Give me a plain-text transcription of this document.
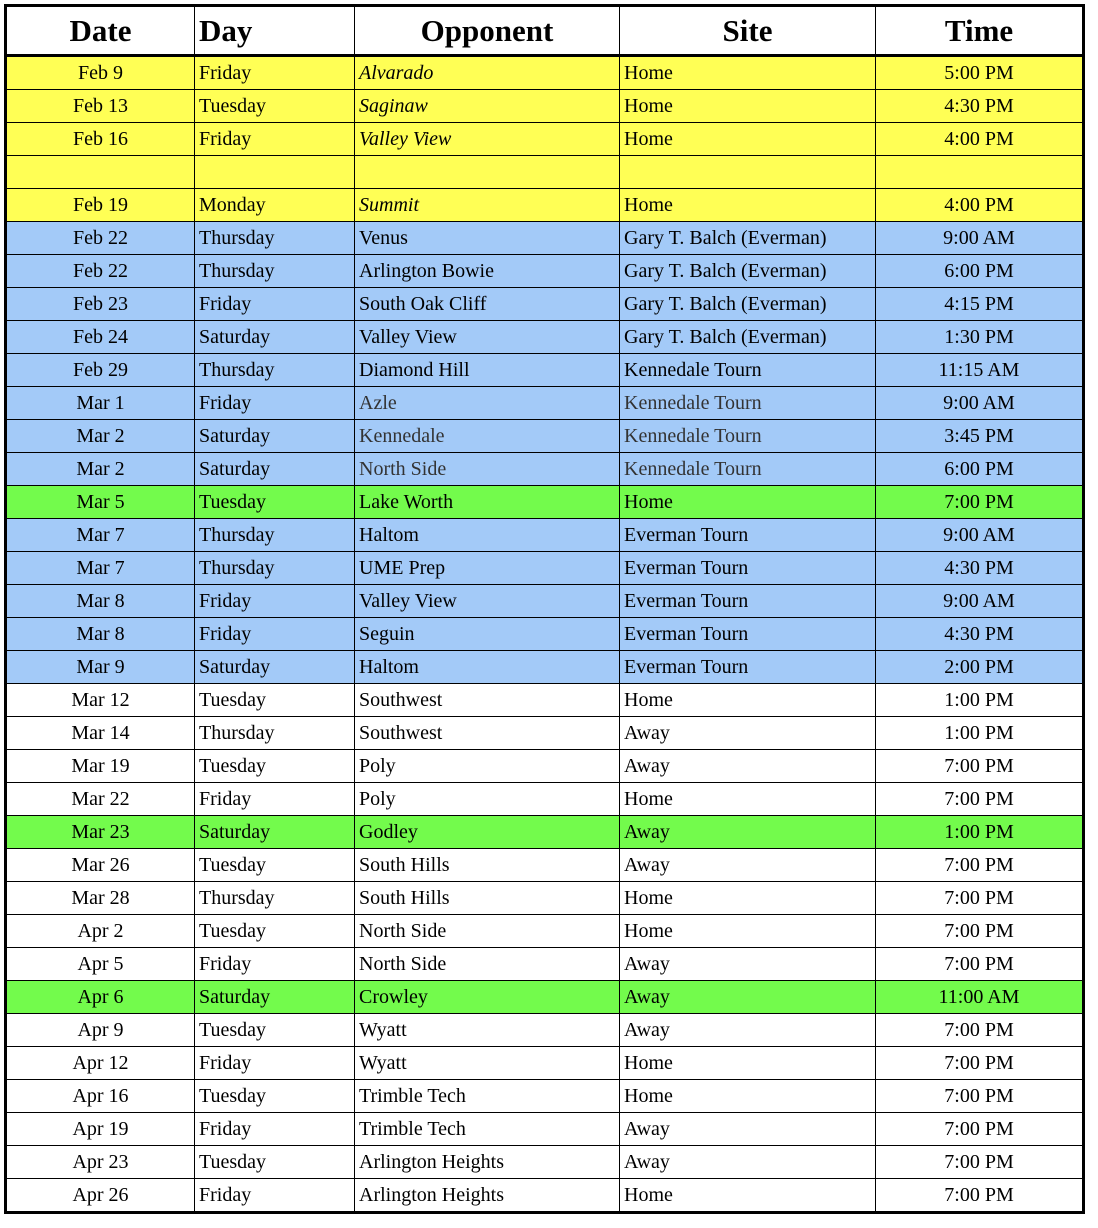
Date	Day	Opponent	Site	Time
Feb 9	Friday	Alvarado	Home	5:00 PM
Feb 13	Tuesday	Saginaw	Home	4:30 PM
Feb 16	Friday	Valley View	Home	4:00 PM

Feb 19	Monday	Summit	Home	4:00 PM
Feb 22	Thursday	Venus	Gary T. Balch (Everman)	9:00 AM
Feb 22	Thursday	Arlington Bowie	Gary T. Balch (Everman)	6:00 PM
Feb 23	Friday	South Oak Cliff	Gary T. Balch (Everman)	4:15 PM
Feb 24	Saturday	Valley View	Gary T. Balch (Everman)	1:30 PM
Feb 29	Thursday	Diamond Hill	Kennedale Tourn	11:15 AM
Mar 1	Friday	Azle	Kennedale Tourn	9:00 AM
Mar 2	Saturday	Kennedale	Kennedale Tourn	3:45 PM
Mar 2	Saturday	North Side	Kennedale Tourn	6:00 PM
Mar 5	Tuesday	Lake Worth	Home	7:00 PM
Mar 7	Thursday	Haltom	Everman Tourn	9:00 AM
Mar 7	Thursday	UME Prep	Everman Tourn	4:30 PM
Mar 8	Friday	Valley View	Everman Tourn	9:00 AM
Mar 8	Friday	Seguin	Everman Tourn	4:30 PM
Mar 9	Saturday	Haltom	Everman Tourn	2:00 PM
Mar 12	Tuesday	Southwest	Home	1:00 PM
Mar 14	Thursday	Southwest	Away	1:00 PM
Mar 19	Tuesday	Poly	Away	7:00 PM
Mar 22	Friday	Poly	Home	7:00 PM
Mar 23	Saturday	Godley	Away	1:00 PM
Mar 26	Tuesday	South Hills	Away	7:00 PM
Mar 28	Thursday	South Hills	Home	7:00 PM
Apr 2	Tuesday	North Side	Home	7:00 PM
Apr 5	Friday	North Side	Away	7:00 PM
Apr 6	Saturday	Crowley	Away	11:00 AM
Apr 9	Tuesday	Wyatt	Away	7:00 PM
Apr 12	Friday	Wyatt	Home	7:00 PM
Apr 16	Tuesday	Trimble Tech	Home	7:00 PM
Apr 19	Friday	Trimble Tech	Away	7:00 PM
Apr 23	Tuesday	Arlington Heights	Away	7:00 PM
Apr 26	Friday	Arlington Heights	Home	7:00 PM
